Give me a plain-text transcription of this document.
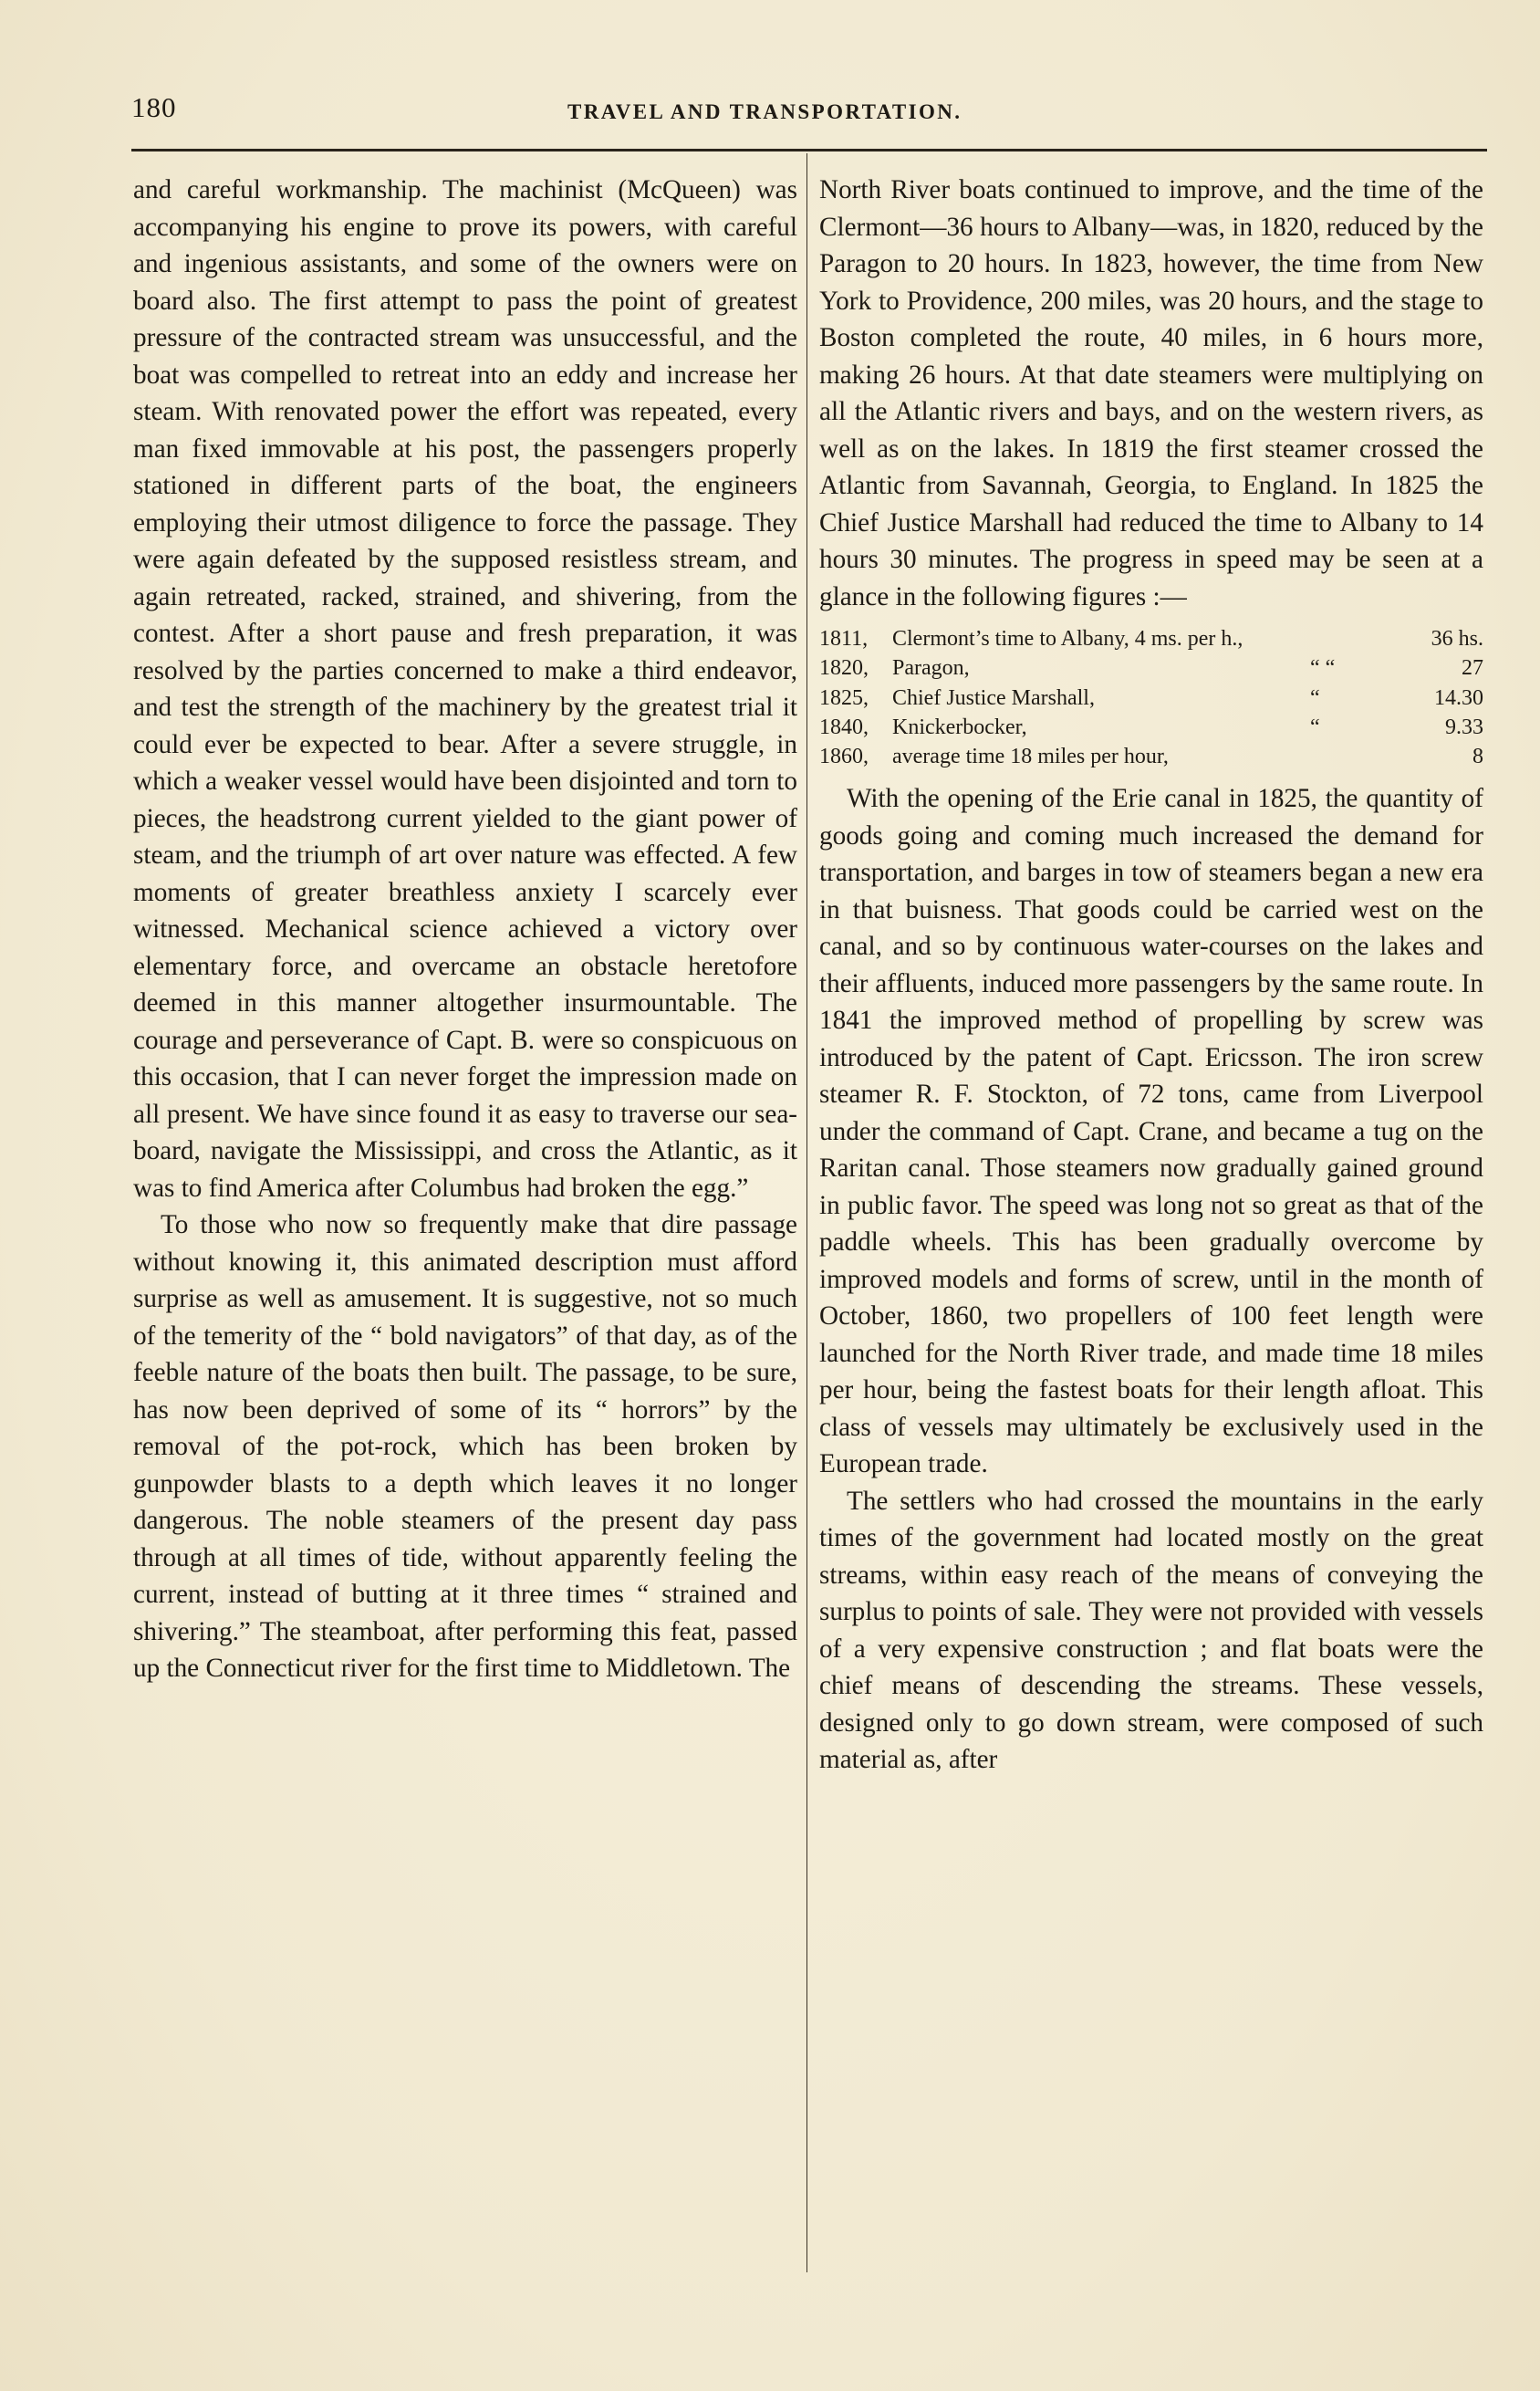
180	TRAVEL AND TRANSPORTATION.

and careful workmanship. The machinist (McQueen) was accompanying his engine to prove its powers, with careful and ingenious assistants, and some of the owners were on board also. The first attempt to pass the point of greatest pressure of the contracted stream was unsuccessful, and the boat was compelled to retreat into an eddy and increase her steam. With renovated power the effort was repeated, every man fixed immovable at his post, the passengers properly stationed in different parts of the boat, the engineers employing their utmost diligence to force the passage. They were again defeated by the supposed resistless stream, and again retreated, racked, strained, and shivering, from the contest. After a short pause and fresh preparation, it was resolved by the parties concerned to make a third endeavor, and test the strength of the machinery by the greatest trial it could ever be expected to bear. After a severe struggle, in which a weaker vessel would have been disjointed and torn to pieces, the headstrong current yielded to the giant power of steam, and the triumph of art over nature was effected. A few moments of greater breathless anxiety I scarcely ever witnessed. Mechanical science achieved a victory over elementary force, and overcame an obstacle heretofore deemed in this manner altogether insurmountable. The courage and perseverance of Capt. B. were so conspicuous on this occasion, that I can never forget the impression made on all present. We have since found it as easy to traverse our sea-board, navigate the Mississippi, and cross the Atlantic, as it was to find America after Columbus had broken the egg.”

To those who now so frequently make that dire passage without knowing it, this animated description must afford surprise as well as amusement. It is suggestive, not so much of the temerity of the “ bold navigators” of that day, as of the feeble nature of the boats then built. The passage, to be sure, has now been deprived of some of its “ horrors” by the removal of the pot-rock, which has been broken by gunpowder blasts to a depth which leaves it no longer dangerous. The noble steamers of the present day pass through at all times of tide, without apparently feeling the current, instead of butting at it three times “ strained and shivering.” The steamboat, after performing this feat, passed up the Connecticut river for the first time to Middletown. The

North River boats continued to improve, and the time of the Clermont—36 hours to Albany—was, in 1820, reduced by the Paragon to 20 hours. In 1823, however, the time from New York to Providence, 200 miles, was 20 hours, and the stage to Boston completed the route, 40 miles, in 6 hours more, making 26 hours. At that date steamers were multiplying on all the Atlantic rivers and bays, and on the western rivers, as well as on the lakes. In 1819 the first steamer crossed the Atlantic from Savannah, Georgia, to England. In 1825 the Chief Justice Marshall had reduced the time to Albany to 14 hours 30 minutes. The progress in speed may be seen at a glance in the following figures :—

1811,	Clermont’s time to Albany, 4 ms. per h.,	36 hs.
1820,	Paragon,	“ “	27
1825,	Chief Justice Marshall,	“	14.30
1840,	Knickerbocker,	“	9.33
1860,	average time 18 miles per hour,	8

With the opening of the Erie canal in 1825, the quantity of goods going and coming much increased the demand for transportation, and barges in tow of steamers began a new era in that buisness. That goods could be carried west on the canal, and so by continuous water-courses on the lakes and their affluents, induced more passengers by the same route. In 1841 the improved method of propelling by screw was introduced by the patent of Capt. Ericsson. The iron screw steamer R. F. Stockton, of 72 tons, came from Liverpool under the command of Capt. Crane, and became a tug on the Raritan canal. Those steamers now gradually gained ground in public favor. The speed was long not so great as that of the paddle wheels. This has been gradually overcome by improved models and forms of screw, until in the month of October, 1860, two propellers of 100 feet length were launched for the North River trade, and made time 18 miles per hour, being the fastest boats for their length afloat. This class of vessels may ultimately be exclusively used in the European trade.

The settlers who had crossed the mountains in the early times of the government had located mostly on the great streams, within easy reach of the means of conveying the surplus to points of sale. They were not provided with vessels of a very expensive construction ; and flat boats were the chief means of descending the streams. These vessels, designed only to go down stream, were composed of such material as, after
